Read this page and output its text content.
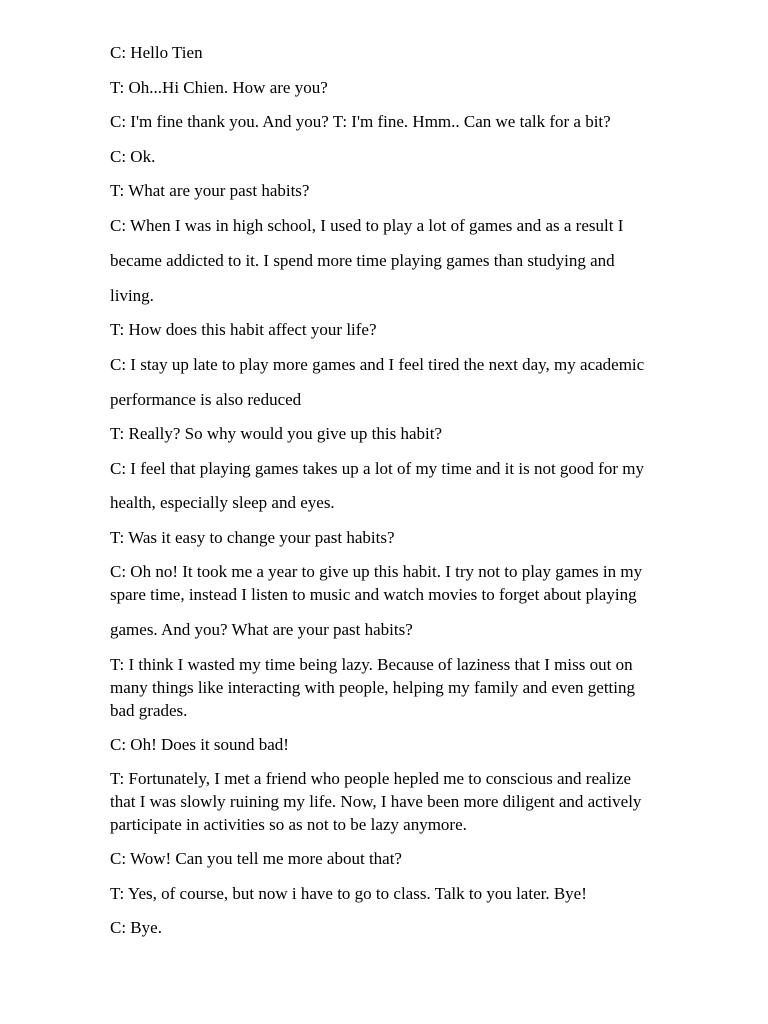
C: Hello Tien

T: Oh...Hi Chien. How are you?

C: I'm fine thank you. And you? T: I'm fine. Hmm.. Can we talk for a bit?

C: Ok.

T: What are your past habits?

C: When I was in high school, I used to play a lot of games and as a result I

became addicted to it. I spend more time playing games than studying and

living.

T: How does this habit affect your life?

C: I stay up late to play more games and I feel tired the next day, my academic

performance is also reduced

T: Really? So why would you give up this habit?

C: I feel that playing games takes up a lot of my time and it is not good for my

health, especially sleep and eyes.

T: Was it easy to change your past habits?

C: Oh no! It took me a year to give up this habit. I try not to play games in my

spare time, instead I listen to music and watch movies to forget about playing

games. And you? What are your past habits?

T: I think I wasted my time being lazy. Because of laziness that I miss out on

many things like interacting with people, helping my family and even getting

bad grades.

C: Oh! Does it sound bad!

T: Fortunately, I met a friend who people hepled me to conscious and realize

that I was slowly ruining my life. Now, I have been more diligent and actively

participate in activities so as not to be lazy anymore.

C: Wow! Can you tell me more about that?

T: Yes, of course, but now i have to go to class. Talk to you later. Bye!

C: Bye.
